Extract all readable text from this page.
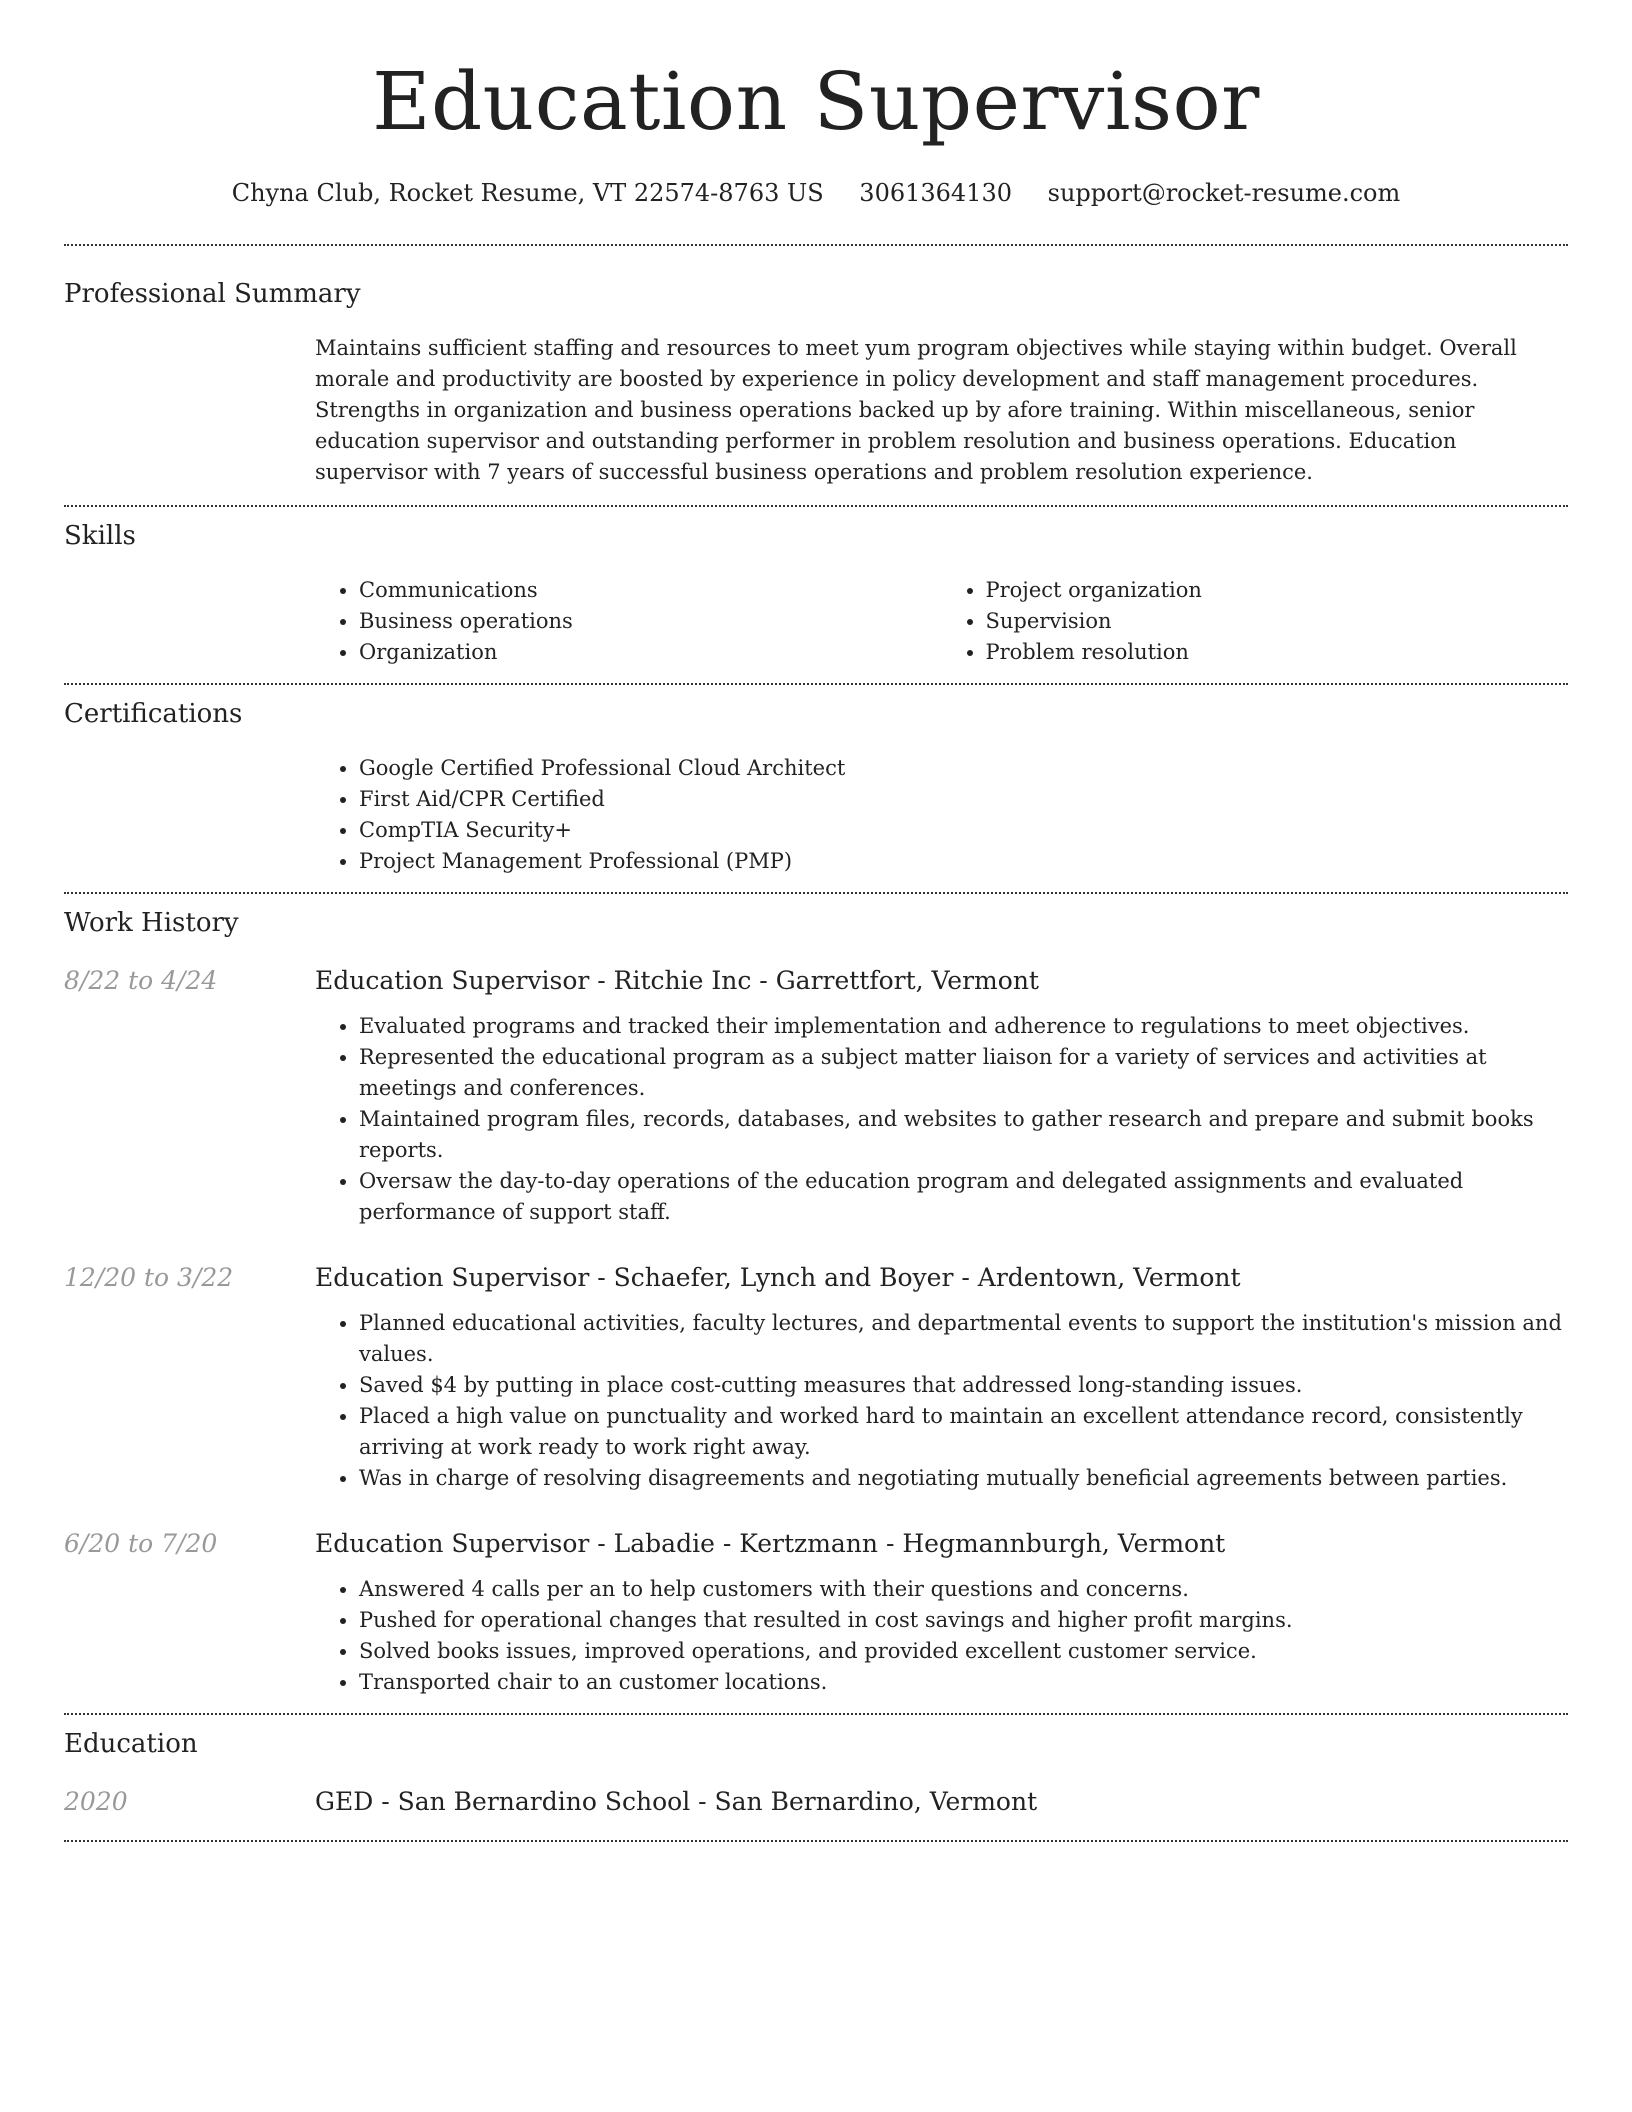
Education Supervisor
Chyna Club, Rocket Resume, VT 22574-8763 US 3061364130 support@rocket-resume.com
Professional Summary

Maintains sufficient staffing and resources to meet yum program objectives while staying within budget. Overall morale and productivity are boosted by experience in policy development and staff management procedures. Strengths in organization and business operations backed up by afore training. Within miscellaneous, senior education supervisor and outstanding performer in problem resolution and business operations. Education supervisor with 7 years of successful business operations and problem resolution experience.

Skills
• Communications
• Business operations
• Organization
• Project organization
• Supervision
• Problem resolution
Certifications
• Google Certified Professional Cloud Architect
• First Aid/CPR Certified
• CompTIA Security+
• Project Management Professional (PMP)
Work History
8/22 to 4/24	Education Supervisor - Ritchie Inc - Garrettfort, Vermont
• Evaluated programs and tracked their implementation and adherence to regulations to meet objectives.
• Represented the educational program as a subject matter liaison for a variety of services and activities at meetings and conferences.
• Maintained program files, records, databases, and websites to gather research and prepare and submit books reports.
• Oversaw the day-to-day operations of the education program and delegated assignments and evaluated performance of support staff.
12/20 to 3/22	Education Supervisor - Schaefer, Lynch and Boyer - Ardentown, Vermont
• Planned educational activities, faculty lectures, and departmental events to support the institution's mission and values.
• Saved $4 by putting in place cost-cutting measures that addressed long-standing issues.
• Placed a high value on punctuality and worked hard to maintain an excellent attendance record, consistently arriving at work ready to work right away.
• Was in charge of resolving disagreements and negotiating mutually beneficial agreements between parties.
6/20 to 7/20	Education Supervisor - Labadie - Kertzmann - Hegmannburgh, Vermont
• Answered 4 calls per an to help customers with their questions and concerns.
• Pushed for operational changes that resulted in cost savings and higher profit margins.
• Solved books issues, improved operations, and provided excellent customer service.
• Transported chair to an customer locations.
Education
2020	GED - San Bernardino School - San Bernardino, Vermont
